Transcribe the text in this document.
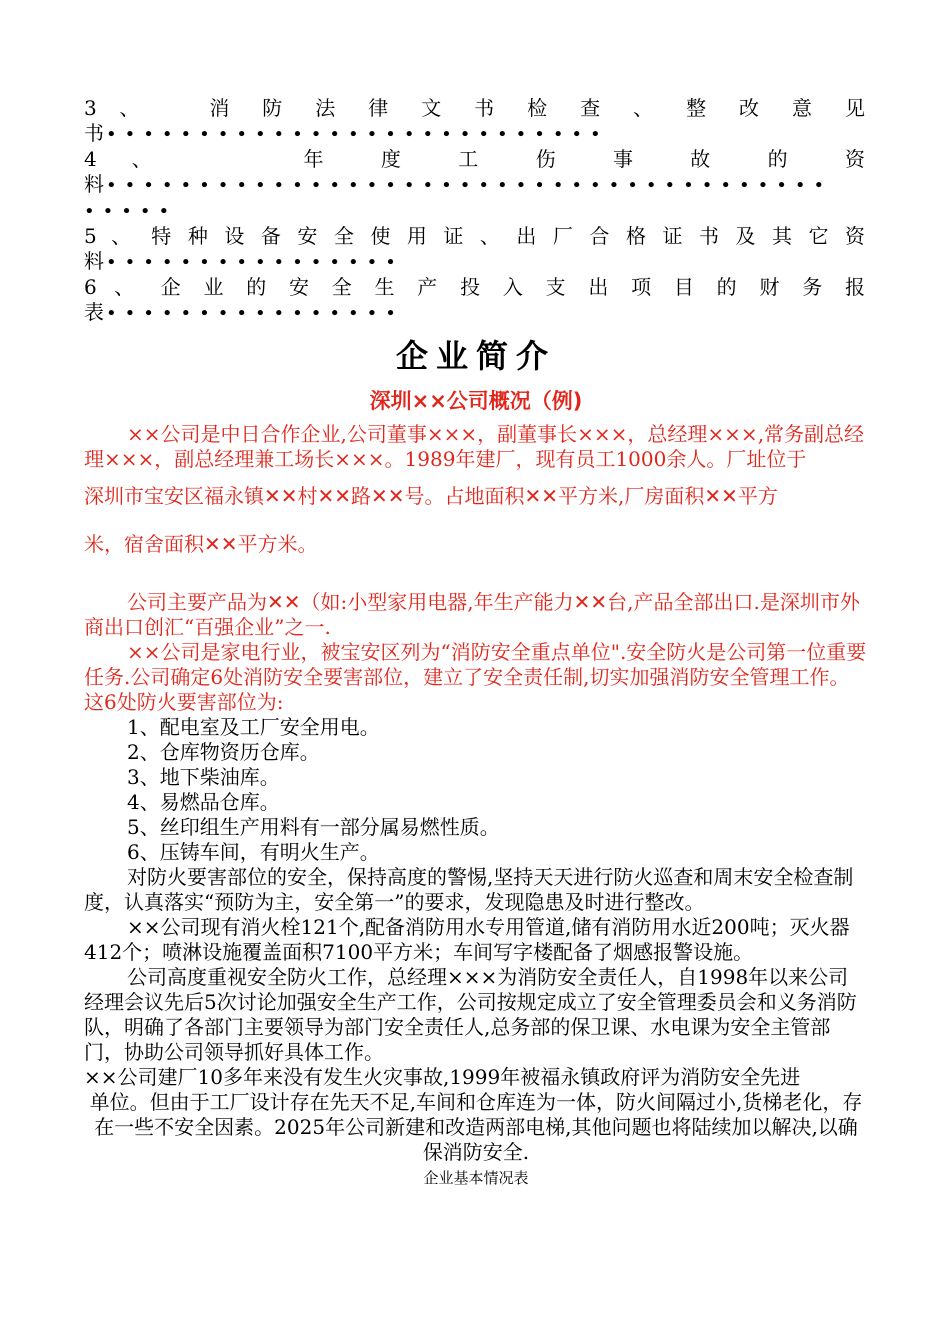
3 、　　消 防 法 律 文 书 检 查 、 整 改 意 见
书•••••••••••••••••••••••••••
4 、　　　年 度 工 伤 事 故 的 资
料•••••••••••••••••••••••••••••••••••••••
•••••
5 、　特 种 设 备 安 全 使 用 证 、 出 厂 合 格 证 书 及 其 它 资
料••••••••••••••••
6 、　企 业 的 安 全 生 产 投 入 支 出 项 目 的 财 务 报
表••••••••••••••••
企业简介
深圳××公司概况（例)

××公司是中日合作企业,公司董事×××，副董事长×××，总经理×××,常务副总经理×××，副总经理兼工场长×××。1989年建厂，现有员工1000余人。厂址位于

深圳市宝安区福永镇✕✕村✕✕路✕✕号。占地面积✕✕平方米,厂房面积✕✕平方

米，宿舍面积✕✕平方米。

公司主要产品为✕✕（如:小型家用电器,年生产能力✕✕台,产品全部出口.是深圳市外商出口创汇“百强企业”之一.

××公司是家电行业，被宝安区列为“消防安全重点单位".安全防火是公司第一位重要任务.公司确定6处消防安全要害部位，建立了安全责任制,切实加强消防安全管理工作。这6处防火要害部位为:

1、配电室及工厂安全用电。

2、仓库物资历仓库。

3、地下柴油库。

4、易燃品仓库。

5、丝印组生产用料有一部分属易燃性质。

6、压铸车间，有明火生产。

对防火要害部位的安全，保持高度的警惕,坚持天天进行防火巡查和周末安全检查制度，认真落实“预防为主，安全第一”的要求，发现隐患及时进行整改。

××公司现有消火栓121个,配备消防用水专用管道,储有消防用水近200吨；灭火器412个；喷淋设施覆盖面积7100平方米；车间写字楼配备了烟感报警设施。

公司高度重视安全防火工作，总经理×××为消防安全责任人，自1998年以来公司经理会议先后5次讨论加强安全生产工作，公司按规定成立了安全管理委员会和义务消防队，明确了各部门主要领导为部门安全责任人,总务部的保卫课、水电课为安全主管部门，协助公司领导抓好具体工作。

××公司建厂10多年来没有发生火灾事故,1999年被福永镇政府评为消防安全先进

单位。但由于工厂设计存在先天不足,车间和仓库连为一体，防火间隔过小,货梯老化，存在一些不安全因素。2025年公司新建和改造两部电梯,其他问题也将陆续加以解决,以确保消防安全.

企业基本情况表
